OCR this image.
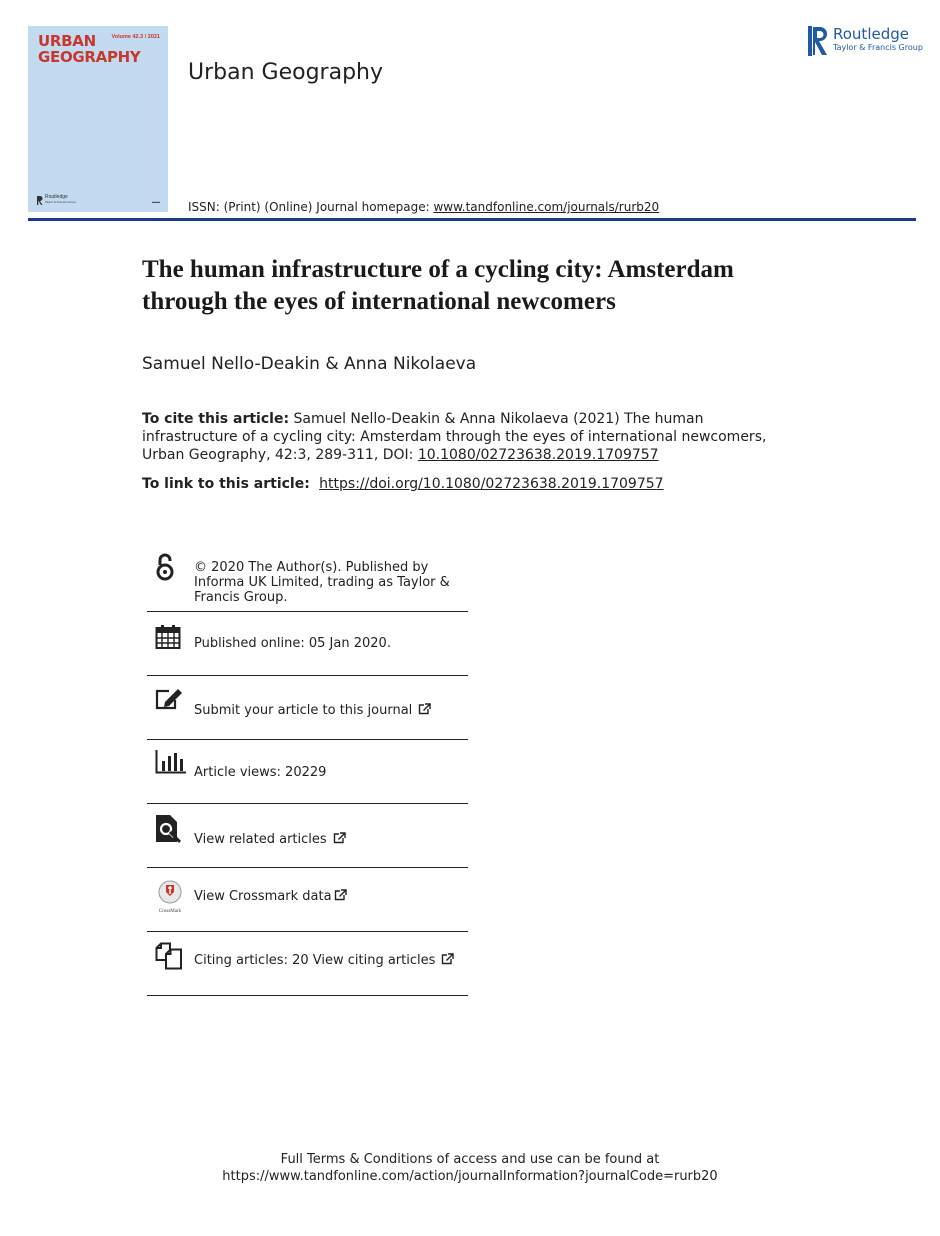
URBAN
GEOGRAPHY
Volume 42.3 / 2021
Routledge
Taylor & Francis Group	▬▬
Urban Geography
ISSN: (Print) (Online) Journal homepage: www.tandfonline.com/journals/rurb20
Routledge
Taylor & Francis Group
The human infrastructure of a cycling city: Amsterdam through the eyes of international newcomers
Samuel Nello-Deakin & Anna Nikolaeva
To cite this article: Samuel Nello-Deakin & Anna Nikolaeva (2021) The human infrastructure of a cycling city: Amsterdam through the eyes of international newcomers, Urban Geography, 42:3, 289-311, DOI: 10.1080/02723638.2019.1709757
To link to this article:  https://doi.org/10.1080/02723638.2019.1709757
© 2020 The Author(s). Published by Informa UK Limited, trading as Taylor & Francis Group.
Published online: 05 Jan 2020.
Submit your article to this journal
Article views: 20229
View related articles
CrossMark
View Crossmark data
Citing articles: 20 View citing articles
Full Terms & Conditions of access and use can be found at
https://www.tandfonline.com/action/journalInformation?journalCode=rurb20
